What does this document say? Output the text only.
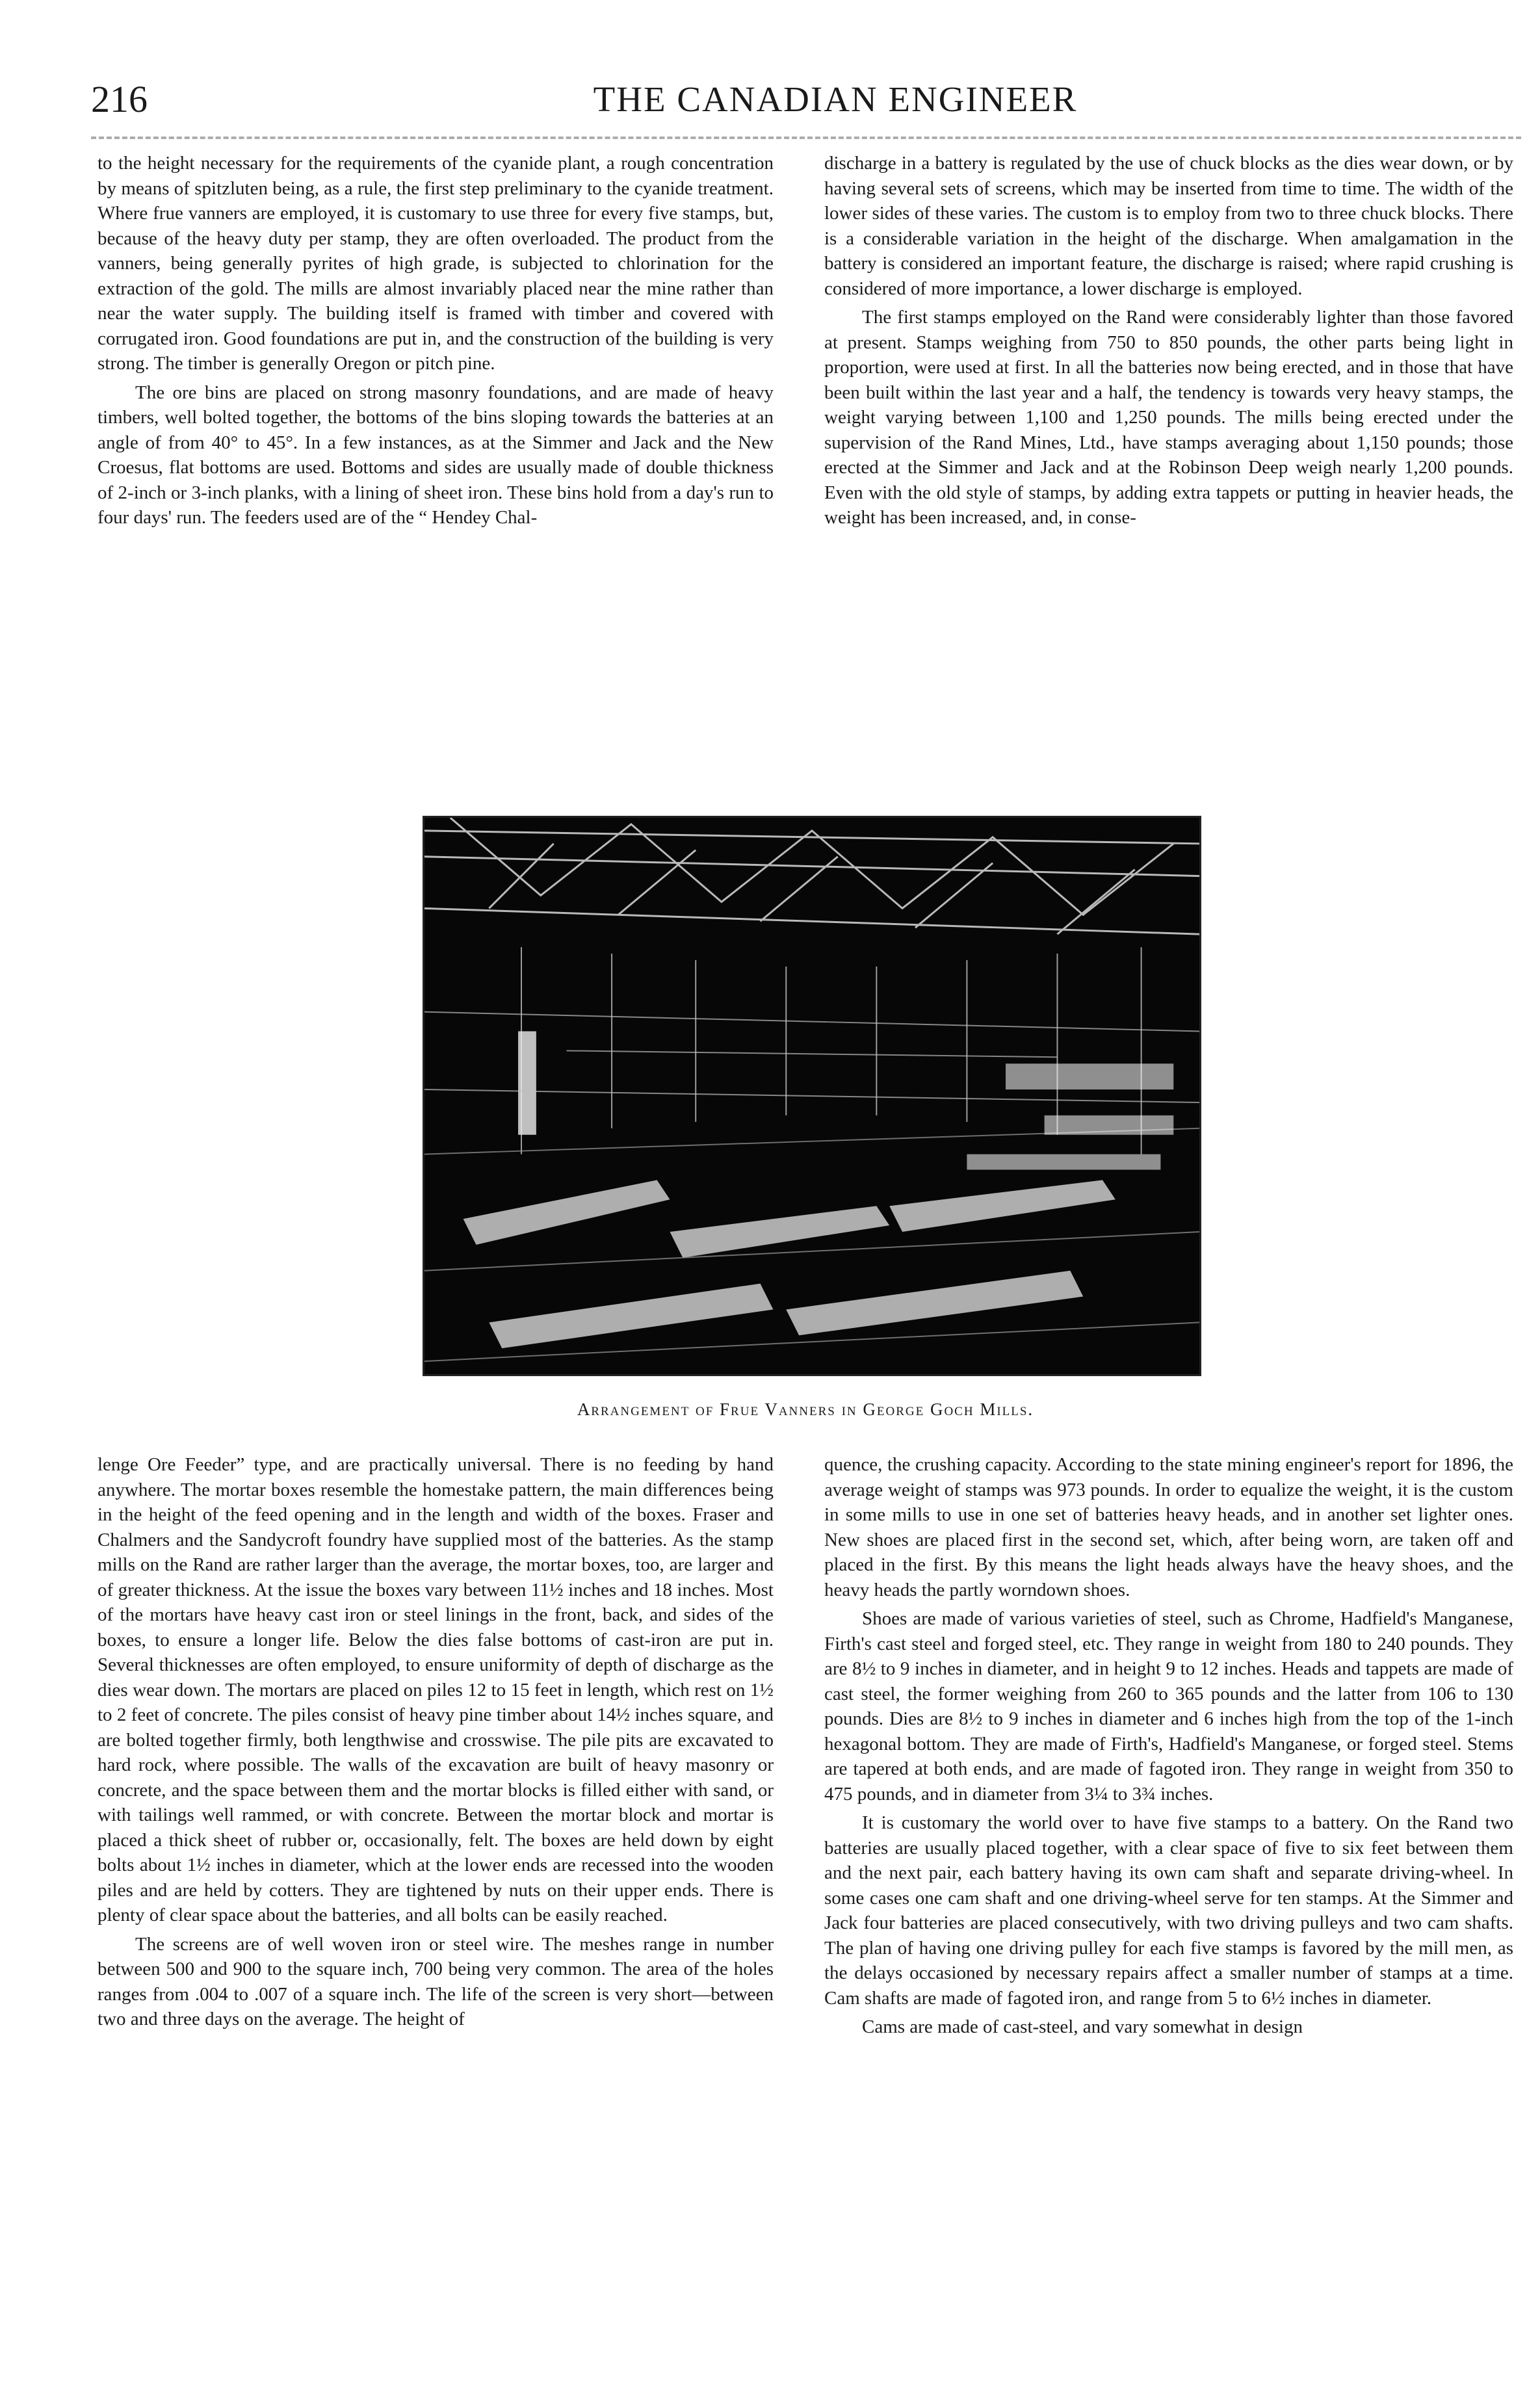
216	THE CANADIAN ENGINEER

to the height necessary for the requirements of the cyanide plant, a rough concentration by means of spitzluten being, as a rule, the first step preliminary to the cyanide treatment. Where frue vanners are employed, it is customary to use three for every five stamps, but, because of the heavy duty per stamp, they are often overloaded. The product from the vanners, being generally pyrites of high grade, is subjected to chlorination for the extraction of the gold. The mills are almost invariably placed near the mine rather than near the water supply. The building itself is framed with timber and covered with corrugated iron. Good foundations are put in, and the construction of the building is very strong. The timber is generally Oregon or pitch pine.

The ore bins are placed on strong masonry foundations, and are made of heavy timbers, well bolted together, the bottoms of the bins sloping towards the batteries at an angle of from 40° to 45°. In a few instances, as at the Simmer and Jack and the New Croesus, flat bottoms are used. Bottoms and sides are usually made of double thickness of 2-inch or 3-inch planks, with a lining of sheet iron. These bins hold from a day's run to four days' run. The feeders used are of the “ Hendey Chal-

discharge in a battery is regulated by the use of chuck blocks as the dies wear down, or by having several sets of screens, which may be inserted from time to time. The width of the lower sides of these varies. The custom is to employ from two to three chuck blocks. There is a considerable variation in the height of the discharge. When amalgamation in the battery is considered an important feature, the discharge is raised; where rapid crushing is considered of more importance, a lower discharge is employed.

The first stamps employed on the Rand were considerably lighter than those favored at present. Stamps weighing from 750 to 850 pounds, the other parts being light in proportion, were used at first. In all the batteries now being erected, and in those that have been built within the last year and a half, the tendency is towards very heavy stamps, the weight varying between 1,100 and 1,250 pounds. The mills being erected under the supervision of the Rand Mines, Ltd., have stamps averaging about 1,150 pounds; those erected at the Simmer and Jack and at the Robinson Deep weigh nearly 1,200 pounds. Even with the old style of stamps, by adding extra tappets or putting in heavier heads, the weight has been increased, and, in conse-

Arrangement of Frue Vanners in George Goch Mills.

lenge Ore Feeder” type, and are practically universal. There is no feeding by hand anywhere. The mortar boxes resemble the homestake pattern, the main differences being in the height of the feed opening and in the length and width of the boxes. Fraser and Chalmers and the Sandycroft foundry have supplied most of the batteries. As the stamp mills on the Rand are rather larger than the average, the mortar boxes, too, are larger and of greater thickness. At the issue the boxes vary between 11½ inches and 18 inches. Most of the mortars have heavy cast iron or steel linings in the front, back, and sides of the boxes, to ensure a longer life. Below the dies false bottoms of cast-iron are put in. Several thicknesses are often employed, to ensure uniformity of depth of discharge as the dies wear down. The mortars are placed on piles 12 to 15 feet in length, which rest on 1½ to 2 feet of concrete. The piles consist of heavy pine timber about 14½ inches square, and are bolted together firmly, both lengthwise and crosswise. The pile pits are excavated to hard rock, where possible. The walls of the excavation are built of heavy masonry or concrete, and the space between them and the mortar blocks is filled either with sand, or with tailings well rammed, or with concrete. Between the mortar block and mortar is placed a thick sheet of rubber or, occasionally, felt. The boxes are held down by eight bolts about 1½ inches in diameter, which at the lower ends are recessed into the wooden piles and are held by cotters. They are tightened by nuts on their upper ends. There is plenty of clear space about the batteries, and all bolts can be easily reached.

The screens are of well woven iron or steel wire. The meshes range in number between 500 and 900 to the square inch, 700 being very common. The area of the holes ranges from .004 to .007 of a square inch. The life of the screen is very short—between two and three days on the average. The height of

quence, the crushing capacity. According to the state mining engineer's report for 1896, the average weight of stamps was 973 pounds. In order to equalize the weight, it is the custom in some mills to use in one set of batteries heavy heads, and in another set lighter ones. New shoes are placed first in the second set, which, after being worn, are taken off and placed in the first. By this means the light heads always have the heavy shoes, and the heavy heads the partly worndown shoes.

Shoes are made of various varieties of steel, such as Chrome, Hadfield's Manganese, Firth's cast steel and forged steel, etc. They range in weight from 180 to 240 pounds. They are 8½ to 9 inches in diameter, and in height 9 to 12 inches. Heads and tappets are made of cast steel, the former weighing from 260 to 365 pounds and the latter from 106 to 130 pounds. Dies are 8½ to 9 inches in diameter and 6 inches high from the top of the 1-inch hexagonal bottom. They are made of Firth's, Hadfield's Manganese, or forged steel. Stems are tapered at both ends, and are made of fagoted iron. They range in weight from 350 to 475 pounds, and in diameter from 3¼ to 3¾ inches.

It is customary the world over to have five stamps to a battery. On the Rand two batteries are usually placed together, with a clear space of five to six feet between them and the next pair, each battery having its own cam shaft and separate driving-wheel. In some cases one cam shaft and one driving-wheel serve for ten stamps. At the Simmer and Jack four batteries are placed consecutively, with two driving pulleys and two cam shafts. The plan of having one driving pulley for each five stamps is favored by the mill men, as the delays occasioned by necessary repairs affect a smaller number of stamps at a time. Cam shafts are made of fagoted iron, and range from 5 to 6½ inches in diameter.

Cams are made of cast-steel, and vary somewhat in design
